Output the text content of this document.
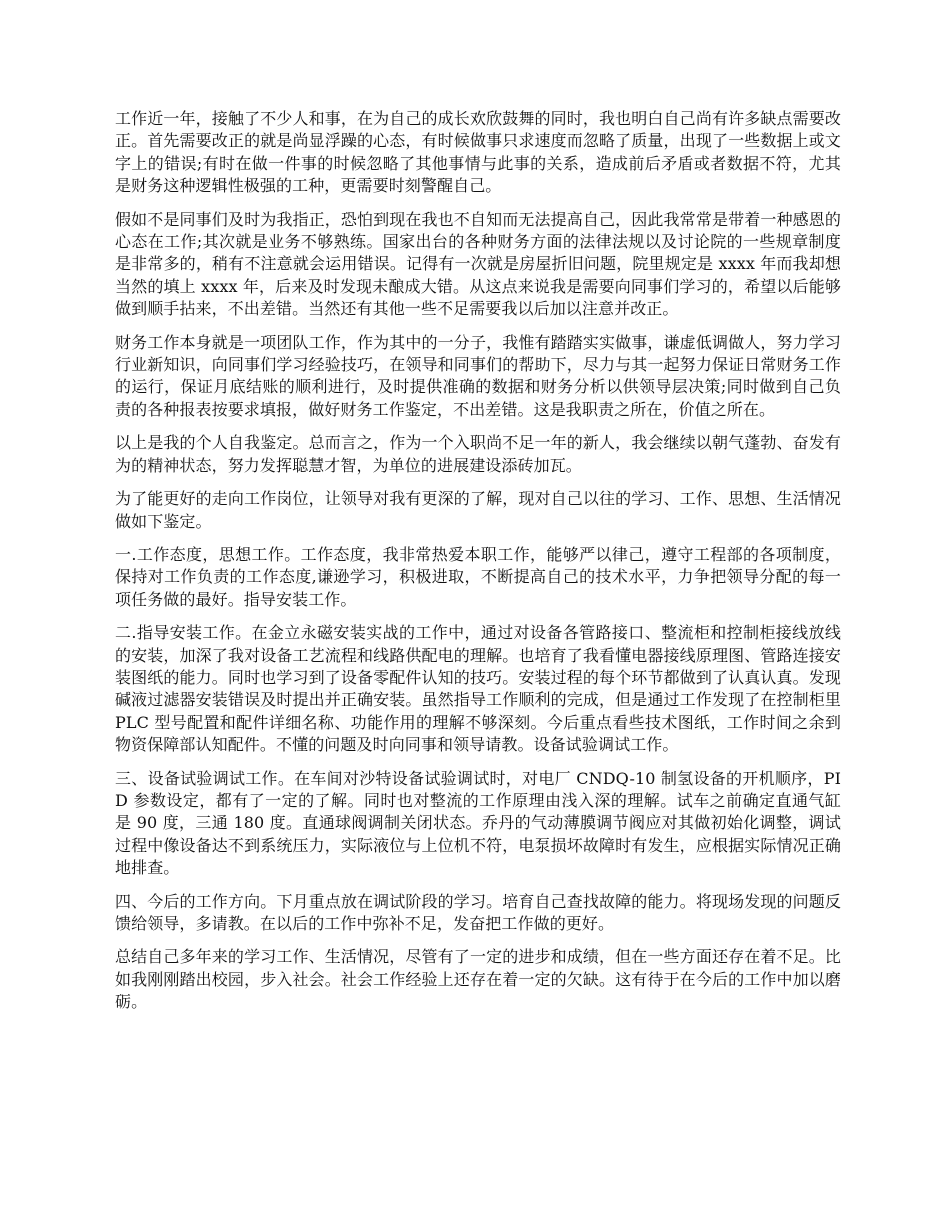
工作近一年，接触了不少人和事，在为自己的成长欢欣鼓舞的同时，我也明白自己尚有许多缺点需要改正。首先需要改正的就是尚显浮躁的心态，有时候做事只求速度而忽略了质量，出现了一些数据上或文字上的错误;有时在做一件事的时候忽略了其他事情与此事的关系，造成前后矛盾或者数据不符，尤其是财务这种逻辑性极强的工种，更需要时刻警醒自己。

假如不是同事们及时为我指正，恐怕到现在我也不自知而无法提高自己，因此我常常是带着一种感恩的心态在工作;其次就是业务不够熟练。国家出台的各种财务方面的法律法规以及讨论院的一些规章制度是非常多的，稍有不注意就会运用错误。记得有一次就是房屋折旧问题，院里规定是 xxxx 年而我却想当然的填上 xxxx 年，后来及时发现未酿成大错。从这点来说我是需要向同事们学习的，希望以后能够做到顺手拈来，不出差错。当然还有其他一些不足需要我以后加以注意并改正。

财务工作本身就是一项团队工作，作为其中的一分子，我惟有踏踏实实做事，谦虚低调做人，努力学习行业新知识，向同事们学习经验技巧，在领导和同事们的帮助下，尽力与其一起努力保证日常财务工作的运行，保证月底结账的顺利进行，及时提供准确的数据和财务分析以供领导层决策;同时做到自己负责的各种报表按要求填报，做好财务工作鉴定，不出差错。这是我职责之所在，价值之所在。

以上是我的个人自我鉴定。总而言之，作为一个入职尚不足一年的新人，我会继续以朝气蓬勃、奋发有为的精神状态，努力发挥聪慧才智，为单位的进展建设添砖加瓦。

为了能更好的走向工作岗位，让领导对我有更深的了解，现对自己以往的学习、工作、思想、生活情况做如下鉴定。

一.工作态度，思想工作。工作态度，我非常热爱本职工作，能够严以律己，遵守工程部的各项制度，保持对工作负责的工作态度,谦逊学习，积极进取，不断提高自己的技术水平，力争把领导分配的每一项任务做的最好。指导安装工作。

二.指导安装工作。在金立永磁安装实战的工作中，通过对设备各管路接口、整流柜和控制柜接线放线的安装，加深了我对设备工艺流程和线路供配电的理解。也培育了我看懂电器接线原理图、管路连接安装图纸的能力。同时也学习到了设备零配件认知的技巧。安装过程的每个环节都做到了认真认真。发现碱液过滤器安装错误及时提出并正确安装。虽然指导工作顺利的完成，但是通过工作发现了在控制柜里 PLC 型号配置和配件详细名称、功能作用的理解不够深刻。今后重点看些技术图纸，工作时间之余到物资保障部认知配件。不懂的问题及时向同事和领导请教。设备试验调试工作。

三、设备试验调试工作。在车间对沙特设备试验调试时，对电厂 CNDQ-10 制氢设备的开机顺序，PID 参数设定，都有了一定的了解。同时也对整流的工作原理由浅入深的理解。试车之前确定直通气缸是 90 度，三通 180 度。直通球阀调制关闭状态。乔丹的气动薄膜调节阀应对其做初始化调整，调试过程中像设备达不到系统压力，实际液位与上位机不符，电泵损坏故障时有发生，应根据实际情况正确地排查。

四、今后的工作方向。下月重点放在调试阶段的学习。培育自己查找故障的能力。将现场发现的问题反馈给领导，多请教。在以后的工作中弥补不足，发奋把工作做的更好。

总结自己多年来的学习工作、生活情况，尽管有了一定的进步和成绩，但在一些方面还存在着不足。比如我刚刚踏出校园，步入社会。社会工作经验上还存在着一定的欠缺。这有待于在今后的工作中加以磨砺。
